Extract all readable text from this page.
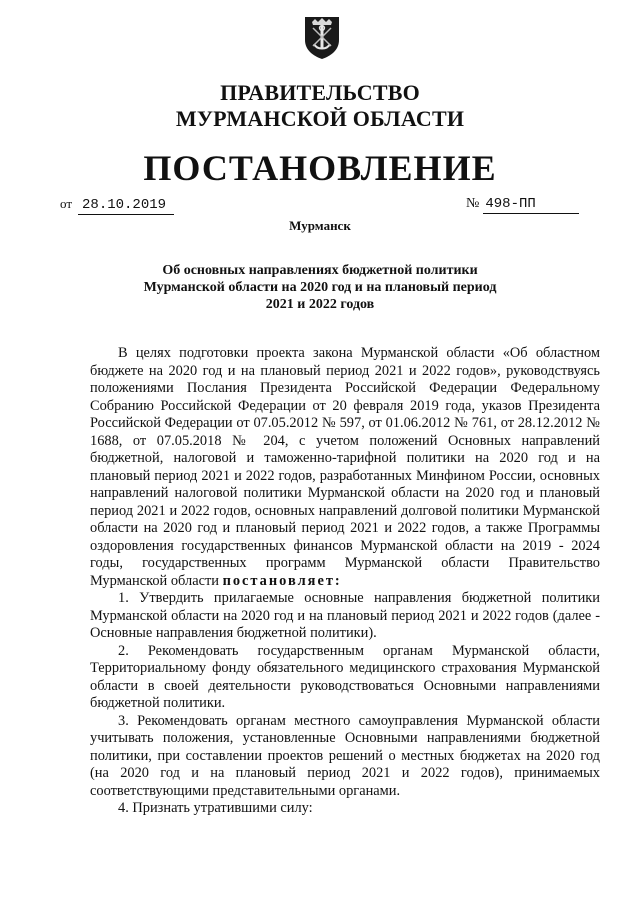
ПРАВИТЕЛЬСТВО
МУРМАНСКОЙ ОБЛАСТИ
ПОСТАНОВЛЕНИЕ
от 28.10.2019	№ 498-ПП
Мурманск
Об основных направлениях бюджетной политики
Мурманской области на 2020 год и на плановый период
2021 и 2022 годов

В целях подготовки проекта закона Мурманской области «Об областном бюджете на 2020 год и на плановый период 2021 и 2022 годов», руководствуясь положениями Послания Президента Российской Федерации Федеральному Собранию Российской Федерации от 20 февраля 2019 года, указов Президента Российской Федерации от 07.05.2012 № 597, от 01.06.2012 № 761, от 28.12.2012 № 1688, от 07.05.2018 № 204, с учетом положений Основных направлений бюджетной, налоговой и таможенно-тарифной политики на 2020 год и на плановый период 2021 и 2022 годов, разработанных Минфином России, основных направлений налоговой политики Мурманской области на 2020 год и плановый период 2021 и 2022 годов, основных направлений долговой политики Мурманской области на 2020 год и плановый период 2021 и 2022 годов, а также Программы оздоровления государственных финансов Мурманской области на 2019 - 2024 годы, государственных программ Мурманской области Правительство Мурманской области постановляет:

1. Утвердить прилагаемые основные направления бюджетной политики Мурманской области на 2020 год и на плановый период 2021 и 2022 годов (далее - Основные направления бюджетной политики).

2. Рекомендовать государственным органам Мурманской области, Территориальному фонду обязательного медицинского страхования Мурманской области в своей деятельности руководствоваться Основными направлениями бюджетной политики.

3. Рекомендовать органам местного самоуправления Мурманской области учитывать положения, установленные Основными направлениями бюджетной политики, при составлении проектов решений о местных бюджетах на 2020 год (на 2020 год и на плановый период 2021 и 2022 годов), принимаемых соответствующими представительными органами.

4. Признать утратившими силу:
